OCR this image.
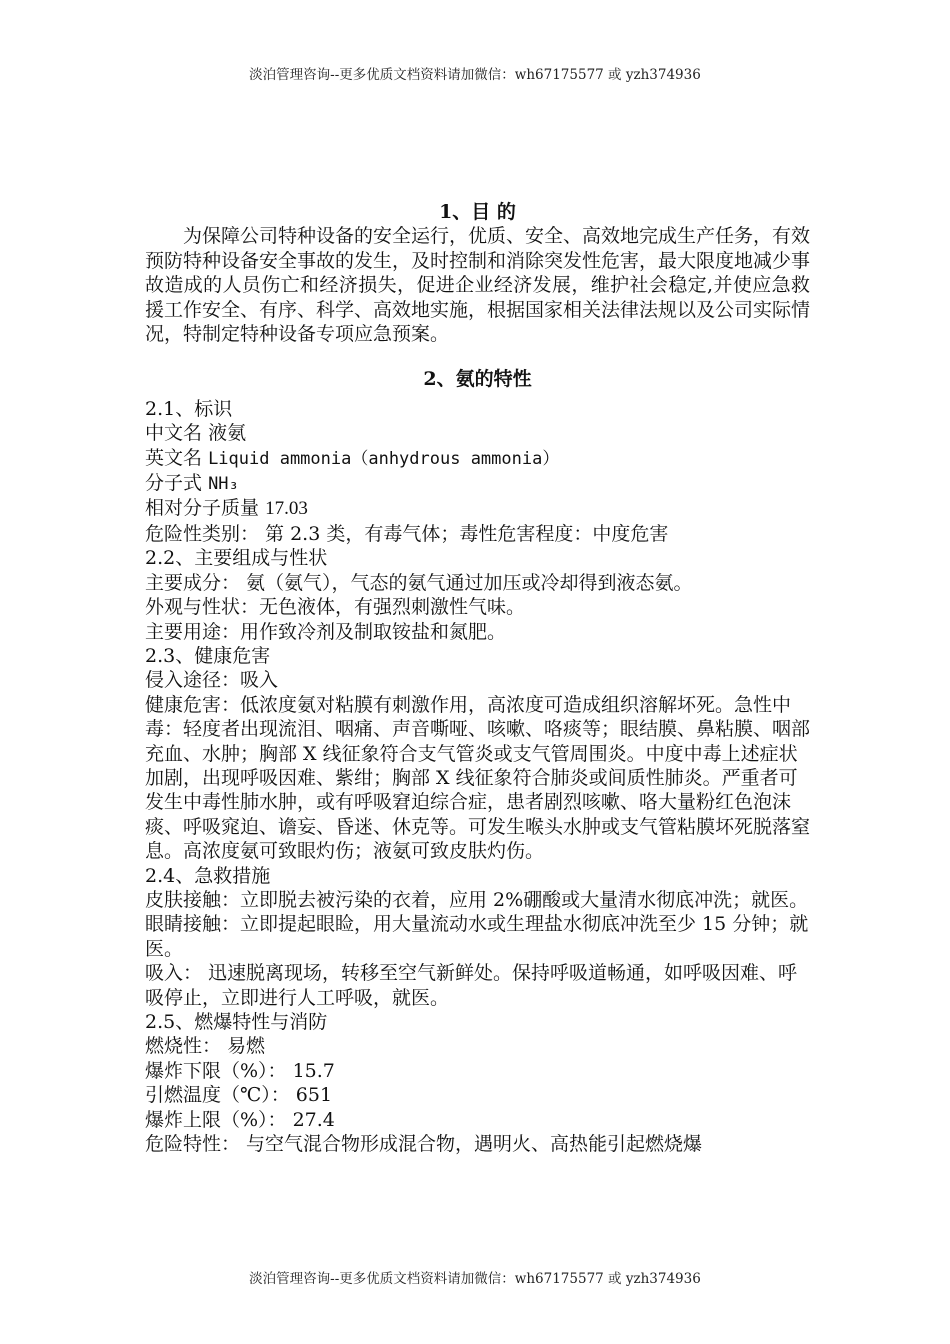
淡泊管理咨询--更多优质文档资料请加微信：wh67175577 或 yzh374936
1、目 的

为保障公司特种设备的安全运行，优质、安全、高效地完成生产任务，有效预防特种设备安全事故的发生，及时控制和消除突发性危害，最大限度地减少事故造成的人员伤亡和经济损失，促进企业经济发展，维护社会稳定,并使应急救援工作安全、有序、科学、高效地实施，根据国家相关法律法规以及公司实际情况，特制定特种设备专项应急预案。

2、氨的特性

2.1、标识

中文名 液氨

英文名 Liquid ammonia（anhydrous ammonia）

分子式 NH₃

相对分子质量 17.03

危险性类别： 第 2.3 类，有毒气体；毒性危害程度：中度危害

2.2、主要组成与性状

主要成分： 氨（氨气），气态的氨气通过加压或冷却得到液态氨。

外观与性状：无色液体，有强烈刺激性气味。

主要用途：用作致冷剂及制取铵盐和氮肥。

2.3、健康危害

侵入途径：吸入

健康危害：低浓度氨对粘膜有刺激作用，高浓度可造成组织溶解坏死。急性中毒：轻度者出现流泪、咽痛、声音嘶哑、咳嗽、咯痰等；眼结膜、鼻粘膜、咽部充血、水肿；胸部 X 线征象符合支气管炎或支气管周围炎。中度中毒上述症状加剧，出现呼吸因难、紫绀；胸部 X 线征象符合肺炎或间质性肺炎。严重者可发生中毒性肺水肿，或有呼吸窘迫综合症，患者剧烈咳嗽、咯大量粉红色泡沫痰、呼吸窕迫、谵妄、昏迷、休克等。可发生喉头水肿或支气管粘膜坏死脱落窒息。高浓度氨可致眼灼伤；液氨可致皮肤灼伤。

2.4、急救措施

皮肤接触：立即脱去被污染的衣着，应用 2%硼酸或大量清水彻底冲洗；就医。

眼睛接触：立即提起眼睑，用大量流动水或生理盐水彻底冲洗至少 15 分钟；就医。

吸入： 迅速脱离现场，转移至空气新鲜处。保持呼吸道畅通，如呼吸因难、呼吸停止，立即进行人工呼吸，就医。

2.5、燃爆特性与消防

燃烧性： 易燃

爆炸下限（%）： 15.7

引燃温度（℃）： 651

爆炸上限（%）： 27.4

危险特性： 与空气混合物形成混合物，遇明火、高热能引起燃烧爆

淡泊管理咨询--更多优质文档资料请加微信：wh67175577 或 yzh374936
